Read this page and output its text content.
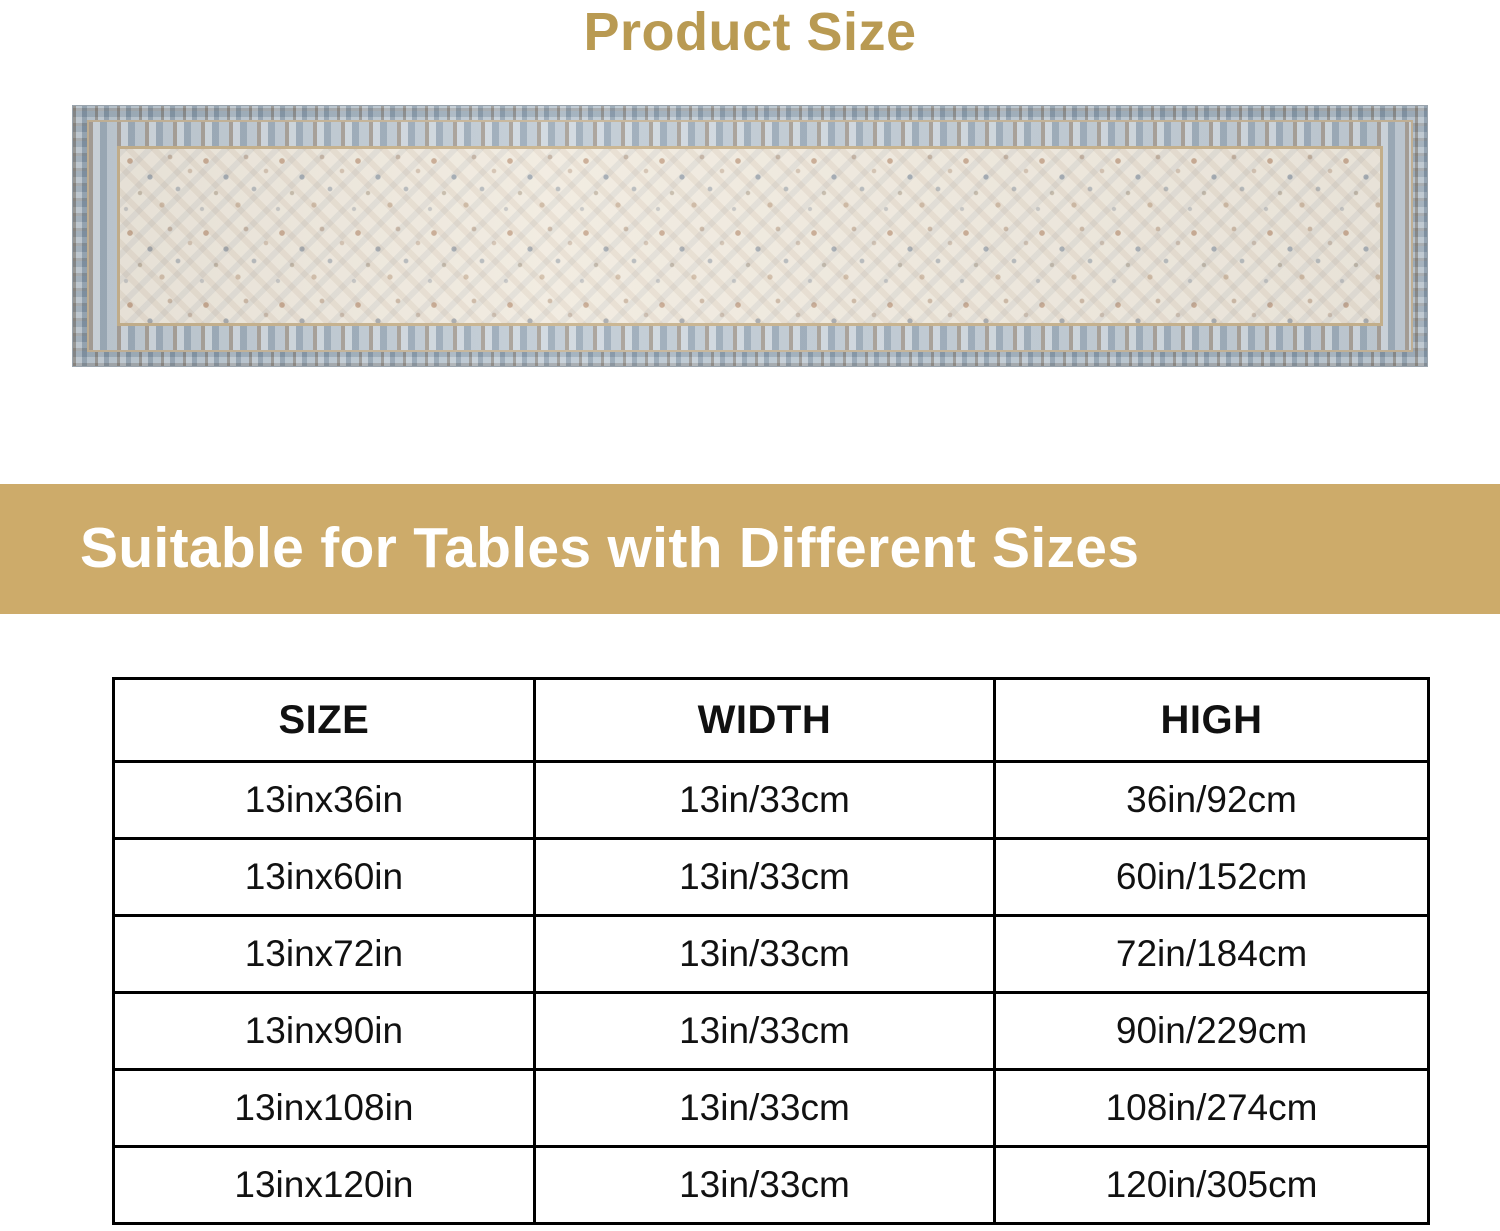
Product Size
Suitable for Tables with Different Sizes
SIZE	WIDTH	HIGH
13inx36in	13in/33cm	36in/92cm
13inx60in	13in/33cm	60in/152cm
13inx72in	13in/33cm	72in/184cm
13inx90in	13in/33cm	90in/229cm
13inx108in	13in/33cm	108in/274cm
13inx120in	13in/33cm	120in/305cm
